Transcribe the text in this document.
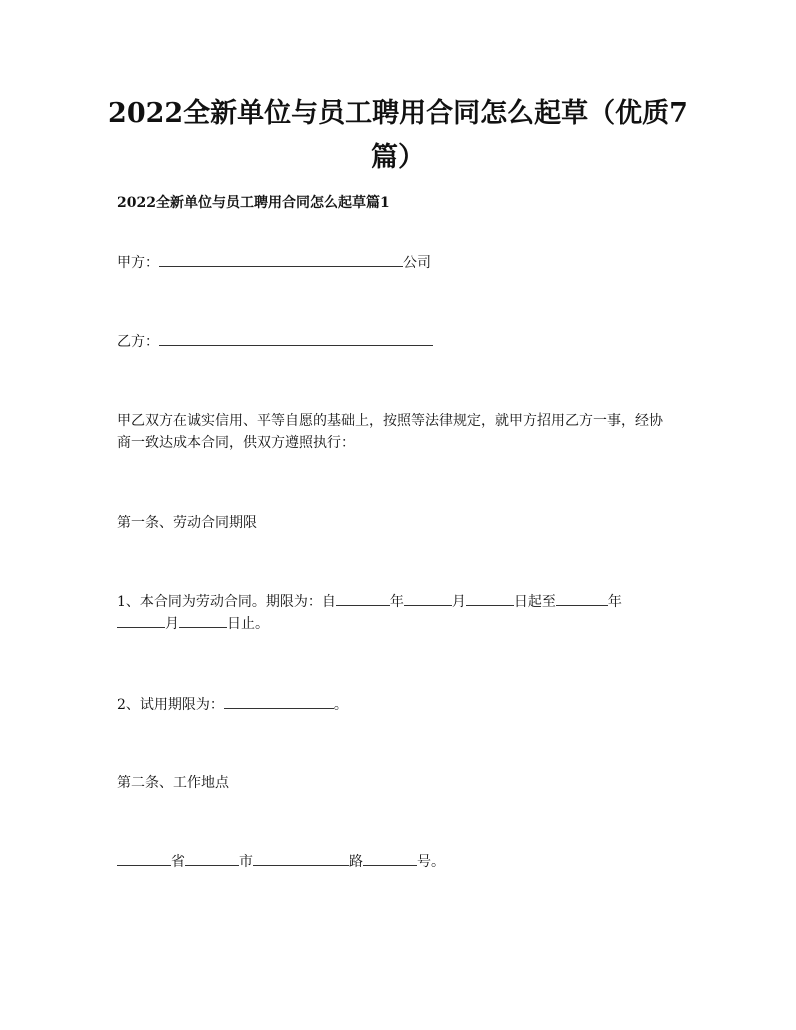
2022全新单位与员工聘用合同怎么起草（优质7篇）
2022全新单位与员工聘用合同怎么起草篇1
甲方：	公司
乙方：
甲乙双方在诚实信用、平等自愿的基础上，按照等法律规定，就甲方招用乙方一事，经协商一致达成本合同，供双方遵照执行：
第一条、劳动合同期限
1、本合同为劳动合同。期限为：自	年	月	日起至	年
月	日止。
2、试用期限为：	。
第二条、工作地点
省	市	路	号。
